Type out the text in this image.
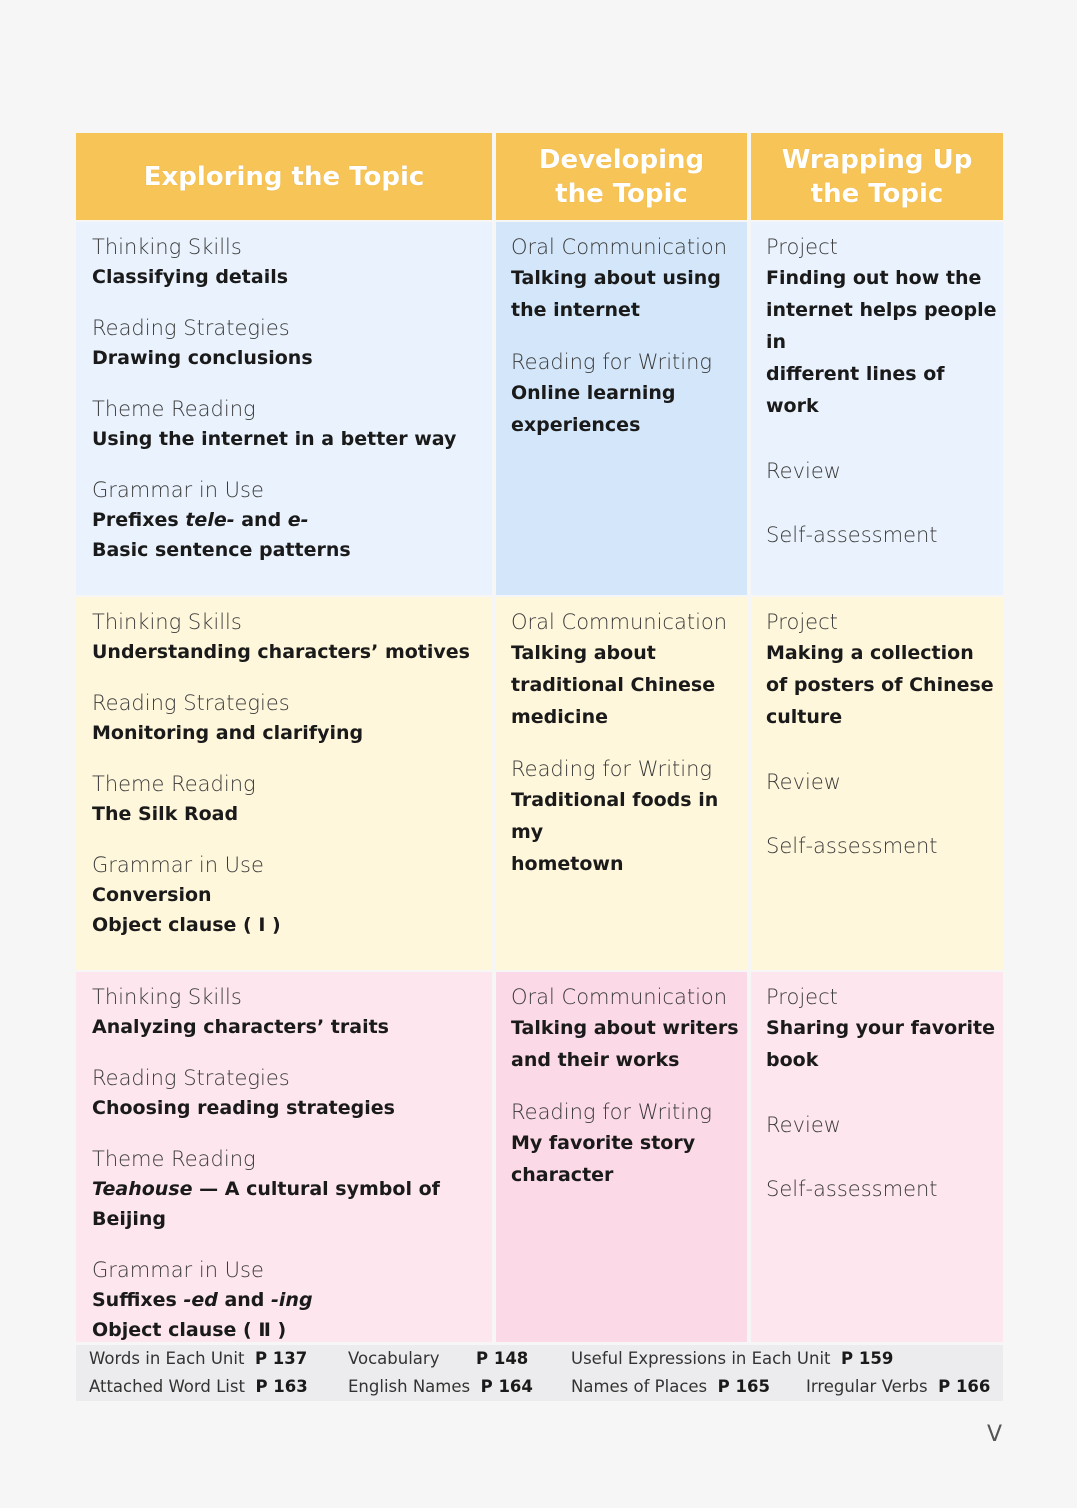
Exploring the Topic
Developing
the Topic
Wrapping Up
the Topic
Thinking Skills
Classifying details
Reading Strategies
Drawing conclusions
Theme Reading
Using the internet in a better way
Grammar in Use
Prefixes tele- and e-
Basic sentence patterns
Oral Communication
Talking about using
the internet
Reading for Writing
Online learning
experiences
Project
Finding out how the
internet helps people in
different lines of work
Review
Self-assessment
Thinking Skills
Understanding characters’ motives
Reading Strategies
Monitoring and clarifying
Theme Reading
The Silk Road
Grammar in Use
Conversion
Object clause ( Ⅰ )
Oral Communication
Talking about
traditional Chinese
medicine
Reading for Writing
Traditional foods in my
hometown
Project
Making a collection
of posters of Chinese
culture
Review
Self-assessment
Thinking Skills
Analyzing characters’ traits
Reading Strategies
Choosing reading strategies
Theme Reading
Teahouse — A cultural symbol of Beijing
Grammar in Use
Suffixes -ed and -ing
Object clause ( Ⅱ )
Oral Communication
Talking about writers
and their works
Reading for Writing
My favorite story
character
Project
Sharing your favorite
book
Review
Self-assessment
Words in Each Unit P 137 Vocabulary P 148	Useful Expressions in Each Unit P 159
Attached Word List P 163 English Names P 164 Names of Places P 165 Irregular Verbs P 166
V
